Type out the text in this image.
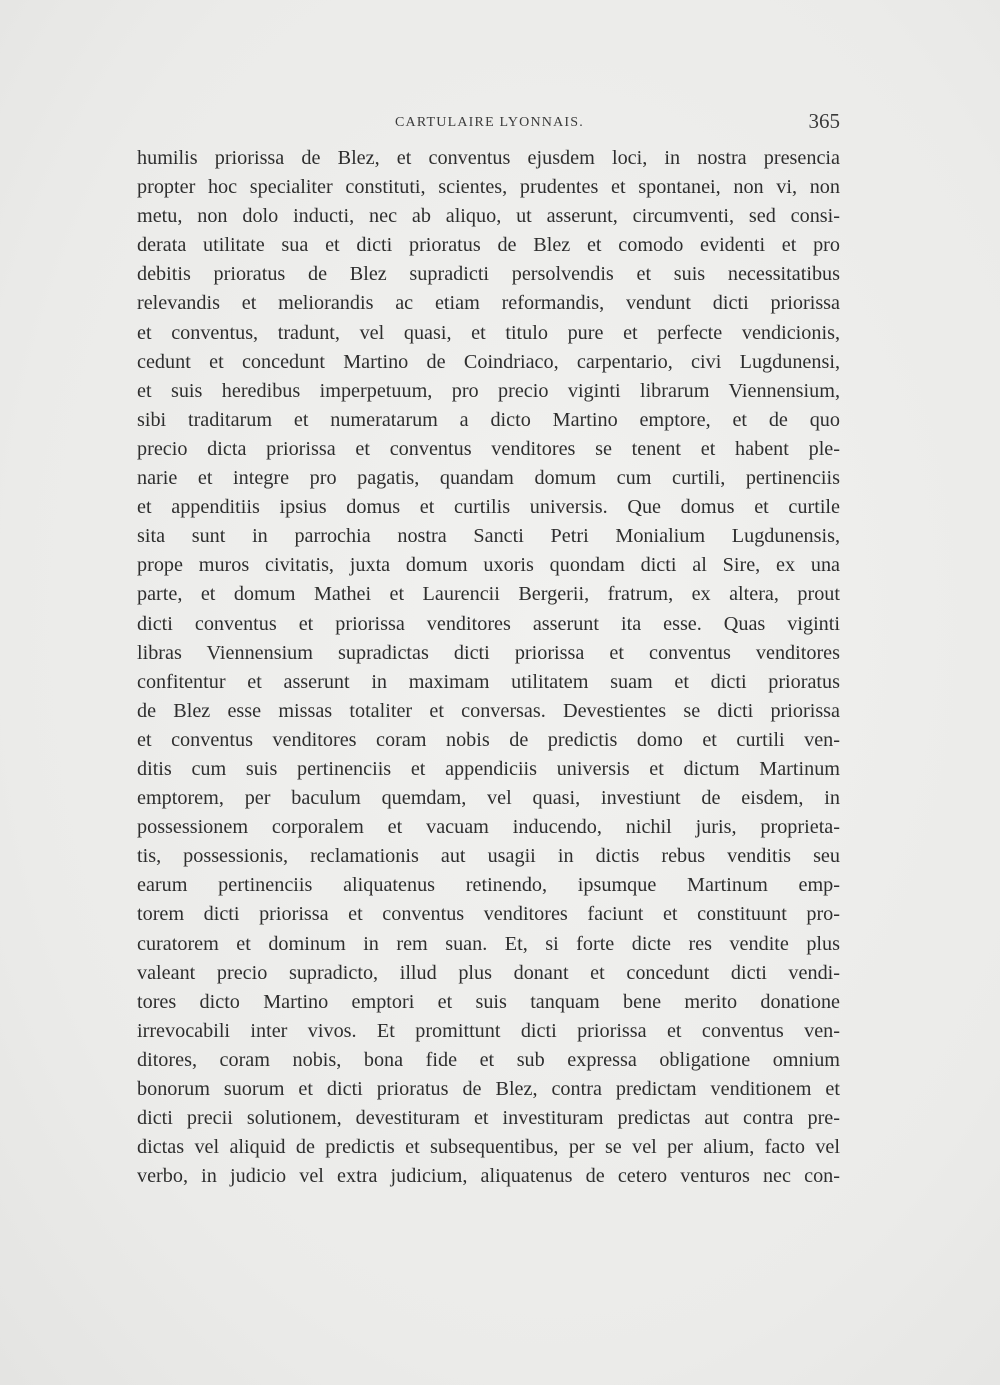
CARTULAIRE LYONNAIS.	365
humilis priorissa de Blez, et conventus ejusdem loci, in nostra presencia
propter hoc specialiter constituti, scientes, prudentes et spontanei, non vi, non
metu, non dolo inducti, nec ab aliquo, ut asserunt, circumventi, sed consi-
derata utilitate sua et dicti prioratus de Blez et comodo evidenti et pro
debitis prioratus de Blez supradicti persolvendis et suis necessitatibus
relevandis et meliorandis ac etiam reformandis, vendunt dicti priorissa
et conventus, tradunt, vel quasi, et titulo pure et perfecte vendicionis,
cedunt et concedunt Martino de Coindriaco, carpentario, civi Lugdunensi,
et suis heredibus imperpetuum, pro precio viginti librarum Viennensium,
sibi traditarum et numeratarum a dicto Martino emptore, et de quo
precio dicta priorissa et conventus venditores se tenent et habent ple-
narie et integre pro pagatis, quandam domum cum curtili, pertinenciis
et appenditiis ipsius domus et curtilis universis. Que domus et curtile
sita sunt in parrochia nostra Sancti Petri Monialium Lugdunensis,
prope muros civitatis, juxta domum uxoris quondam dicti al Sire, ex una
parte, et domum Mathei et Laurencii Bergerii, fratrum, ex altera, prout
dicti conventus et priorissa venditores asserunt ita esse. Quas viginti
libras Viennensium supradictas dicti priorissa et conventus venditores
confitentur et asserunt in maximam utilitatem suam et dicti prioratus
de Blez esse missas totaliter et conversas. Devestientes se dicti priorissa
et conventus venditores coram nobis de predictis domo et curtili ven-
ditis cum suis pertinenciis et appendiciis universis et dictum Martinum
emptorem, per baculum quemdam, vel quasi, investiunt de eisdem, in
possessionem corporalem et vacuam inducendo, nichil juris, proprieta-
tis, possessionis, reclamationis aut usagii in dictis rebus venditis seu
earum pertinenciis aliquatenus retinendo, ipsumque Martinum emp-
torem dicti priorissa et conventus venditores faciunt et constituunt pro-
curatorem et dominum in rem suan. Et, si forte dicte res vendite plus
valeant precio supradicto, illud plus donant et concedunt dicti vendi-
tores dicto Martino emptori et suis tanquam bene merito donatione
irrevocabili inter vivos. Et promittunt dicti priorissa et conventus ven-
ditores, coram nobis, bona fide et sub expressa obligatione omnium
bonorum suorum et dicti prioratus de Blez, contra predictam venditionem et
dicti precii solutionem, devestituram et investituram predictas aut contra pre-
dictas vel aliquid de predictis et subsequentibus, per se vel per alium, facto vel
verbo, in judicio vel extra judicium, aliquatenus de cetero venturos nec con-
